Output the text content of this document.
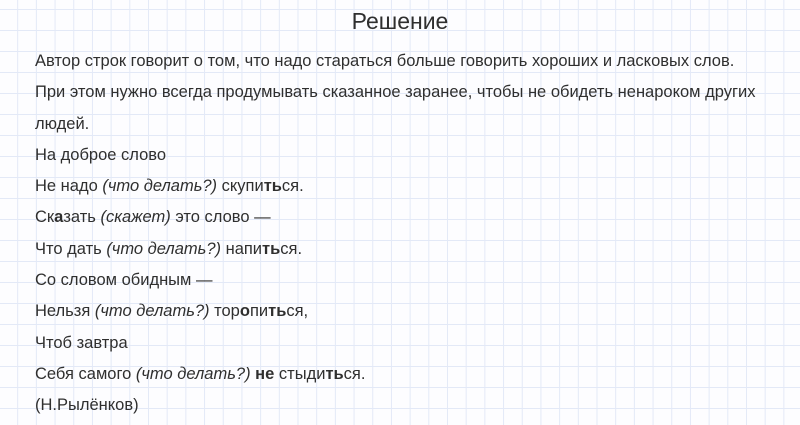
Решение

Автор строк говорит о том, что надо стараться больше говорить хороших и ласковых слов.

При этом нужно всегда продумывать сказанное заранее, чтобы не обидеть ненароком других

людей.

На доброе слово

Не надо (что делать?) скупиться.

Сказать (скажет) это слово —

Что дать (что делать?) напиться.

Со словом обидным —

Нельзя (что делать?) торопиться,

Чтоб завтра

Себя самого (что делать?) не стыдиться.

(Н.Рылёнков)
